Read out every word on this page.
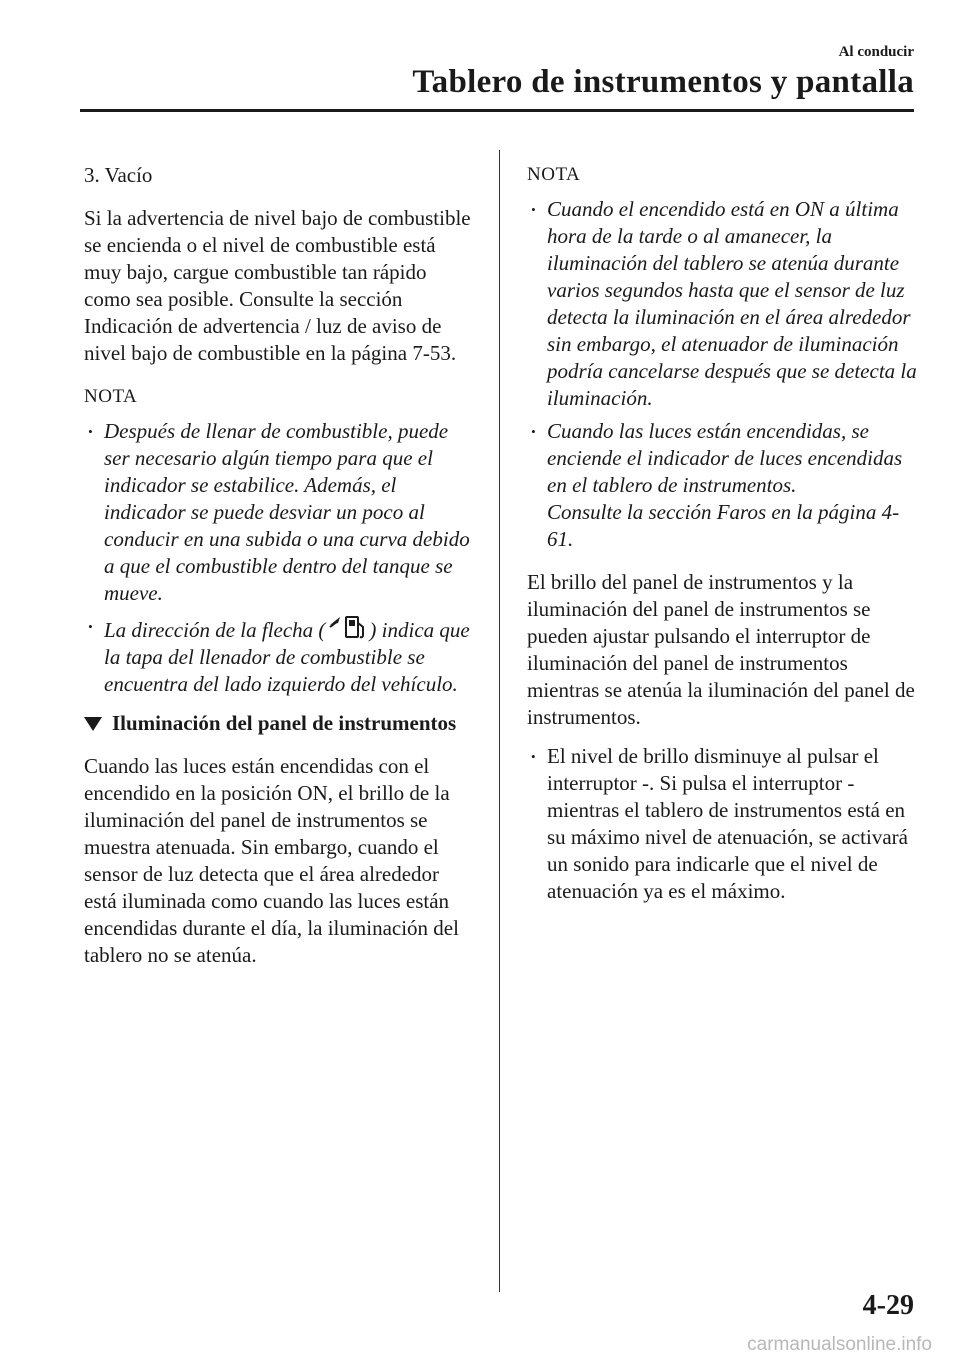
Al conducir
Tablero de instrumentos y pantalla

3. Vacío

Si la advertencia de nivel bajo de combustible se encienda o el nivel de combustible está muy bajo, cargue combustible tan rápido como sea posible. Consulte la sección Indicación de advertencia / luz de aviso de nivel bajo de combustible en la página 7-53.

NOTA

• Después de llenar de combustible, puede ser necesario algún tiempo para que el indicador se estabilice. Además, el indicador se puede desviar un poco al conducir en una subida o una curva debido a que el combustible dentro del tanque se mueve.
• La dirección de la flecha ( ) indica que la tapa del llenador de combustible se encuentra del lado izquierdo del vehículo.
Iluminación del panel de instrumentos

Cuando las luces están encendidas con el encendido en la posición ON, el brillo de la iluminación del panel de instrumentos se muestra atenuada. Sin embargo, cuando el sensor de luz detecta que el área alrededor está iluminada como cuando las luces están encendidas durante el día, la iluminación del tablero no se atenúa.

NOTA

• Cuando el encendido está en ON a última hora de la tarde o al amanecer, la iluminación del tablero se atenúa durante varios segundos hasta que el sensor de luz detecta la iluminación en el área alrededor sin embargo, el atenuador de iluminación podría cancelarse después que se detecta la iluminación.
• Cuando las luces están encendidas, se enciende el indicador de luces encendidas en el tablero de instrumentos.
Consulte la sección Faros en la página 4-61.

El brillo del panel de instrumentos y la iluminación del panel de instrumentos se pueden ajustar pulsando el interruptor de iluminación del panel de instrumentos mientras se atenúa la iluminación del panel de instrumentos.

• El nivel de brillo disminuye al pulsar el interruptor -. Si pulsa el interruptor - mientras el tablero de instrumentos está en su máximo nivel de atenuación, se activará un sonido para indicarle que el nivel de atenuación ya es el máximo.
4-29
carmanualsonline.info
